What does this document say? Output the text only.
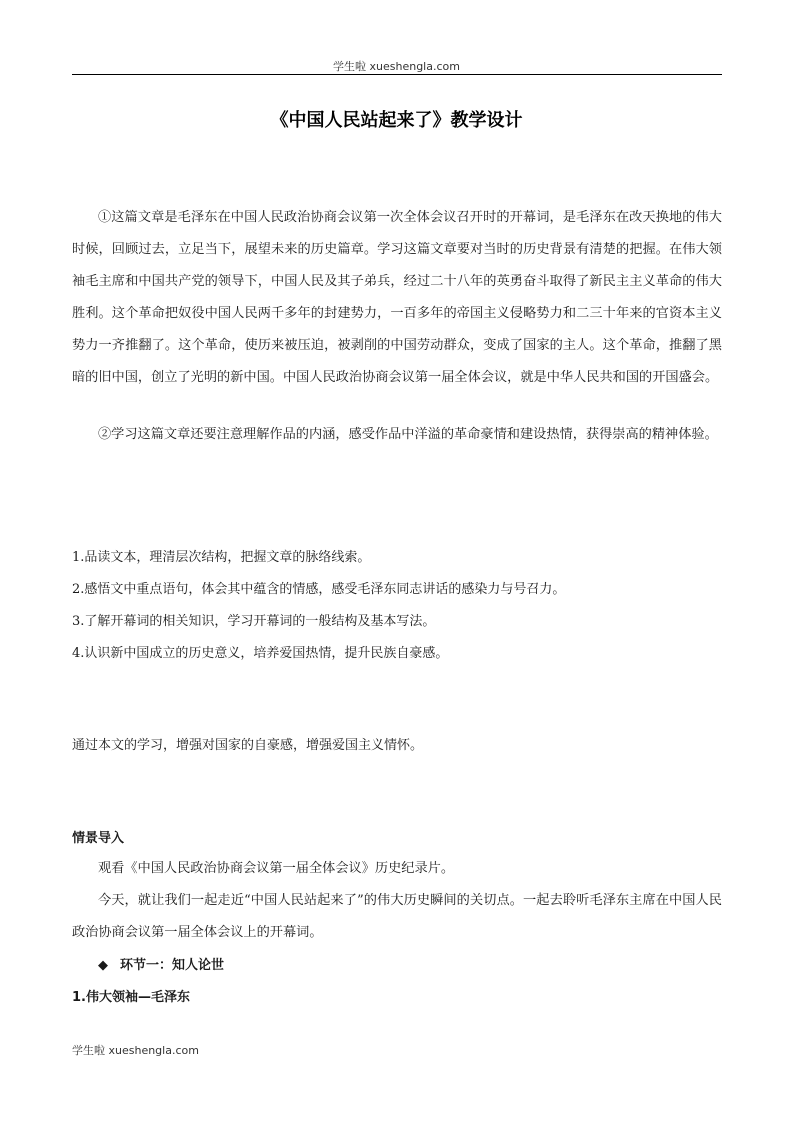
学生啦 xueshengla.com
《中国人民站起来了》教学设计

①这篇文章是毛泽东在中国人民政治协商会议第一次全体会议召开时的开幕词，是毛泽东在改天换地的伟大时候，回顾过去，立足当下，展望未来的历史篇章。学习这篇文章要对当时的历史背景有清楚的把握。在伟大领袖毛主席和中国共产党的领导下，中国人民及其子弟兵，经过二十八年的英勇奋斗取得了新民主主义革命的伟大胜利。这个革命把奴役中国人民两千多年的封建势力，一百多年的帝国主义侵略势力和二三十年来的官资本主义势力一齐推翻了。这个革命，使历来被压迫，被剥削的中国劳动群众，变成了国家的主人。这个革命，推翻了黑暗的旧中国，创立了光明的新中国。中国人民政治协商会议第一届全体会议，就是中华人民共和国的开国盛会。

②学习这篇文章还要注意理解作品的内涵，感受作品中洋溢的革命豪情和建设热情，获得崇高的精神体验。

1.品读文本，理清层次结构，把握文章的脉络线索。

2.感悟文中重点语句，体会其中蕴含的情感，感受毛泽东同志讲话的感染力与号召力。

3.了解开幕词的相关知识，学习开幕词的一般结构及基本写法。

4.认识新中国成立的历史意义，培养爱国热情，提升民族自豪感。

通过本文的学习，增强对国家的自豪感，增强爱国主义情怀。

情景导入

观看《中国人民政治协商会议第一届全体会议》历史纪录片。

今天，就让我们一起走近“中国人民站起来了”的伟大历史瞬间的关切点。一起去聆听毛泽东主席在中国人民政治协商会议第一届全体会议上的开幕词。

◆ 环节一：知人论世

1.伟大领袖—毛泽东

学生啦 xueshengla.com
